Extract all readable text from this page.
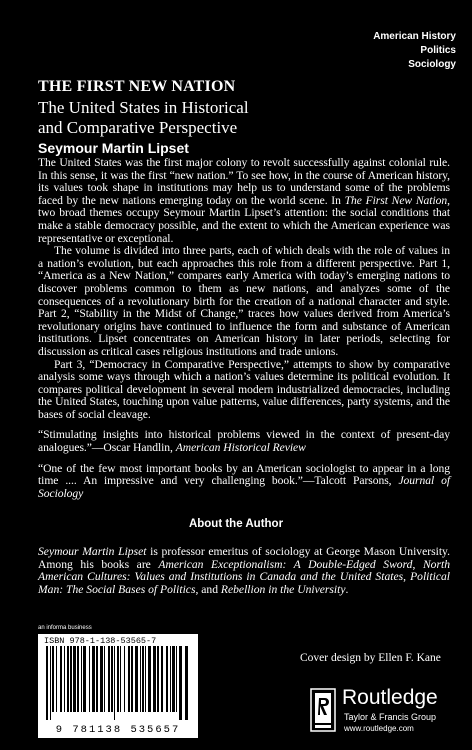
American History
Politics
Sociology
THE FIRST NEW NATION
The United States in Historical
and Comparative Perspective
Seymour Martin Lipset

The United States was the first major colony to revolt successfully against colonial rule. In this sense, it was the first “new nation.” To see how, in the course of American history, its values took shape in institutions may help us to understand some of the problems faced by the new nations emerging today on the world scene. In The First New Nation, two broad themes occupy Seymour Martin Lipset’s attention: the social conditions that make a stable democracy possible, and the extent to which the American experience was representative or exceptional.

The volume is divided into three parts, each of which deals with the role of values in a nation’s evolution, but each approaches this role from a different perspective. Part 1, “America as a New Nation,” compares early America with today’s emerging nations to discover problems common to them as new nations, and analyzes some of the consequences of a revolutionary birth for the creation of a national character and style. Part 2, “Stability in the Midst of Change,” traces how values derived from America’s revolutionary origins have continued to influence the form and substance of American institutions. Lipset concentrates on American history in later periods, selecting for discussion as critical cases religious institutions and trade unions.

Part 3, “Democracy in Comparative Perspective,” attempts to show by comparative analysis some ways through which a nation’s values determine its political evolution. It compares political development in several modern industrialized democracies, including the United States, touching upon value patterns, value differences, party systems, and the bases of social cleavage.

“Stimulating insights into historical problems viewed in the context of present-day analogues.”—Oscar Handlin, American Historical Review

“One of the few most important books by an American sociologist to appear in a long time .... An impressive and very challenging book.”—Talcott Parsons, Journal of Sociology

About the Author
Seymour Martin Lipset is professor emeritus of sociology at George Mason University. Among his books are American Exceptionalism: A Double-Edged Sword, North American Cultures: Values and Institutions in Canada and the United States, Political Man: The Social Bases of Politics, and Rebellion in the University.
an informa business
ISBN 978-1-138-53565-7
9 781138 535657
Cover design by Ellen F. Kane
Routledge
Taylor & Francis Group
www.routledge.com
